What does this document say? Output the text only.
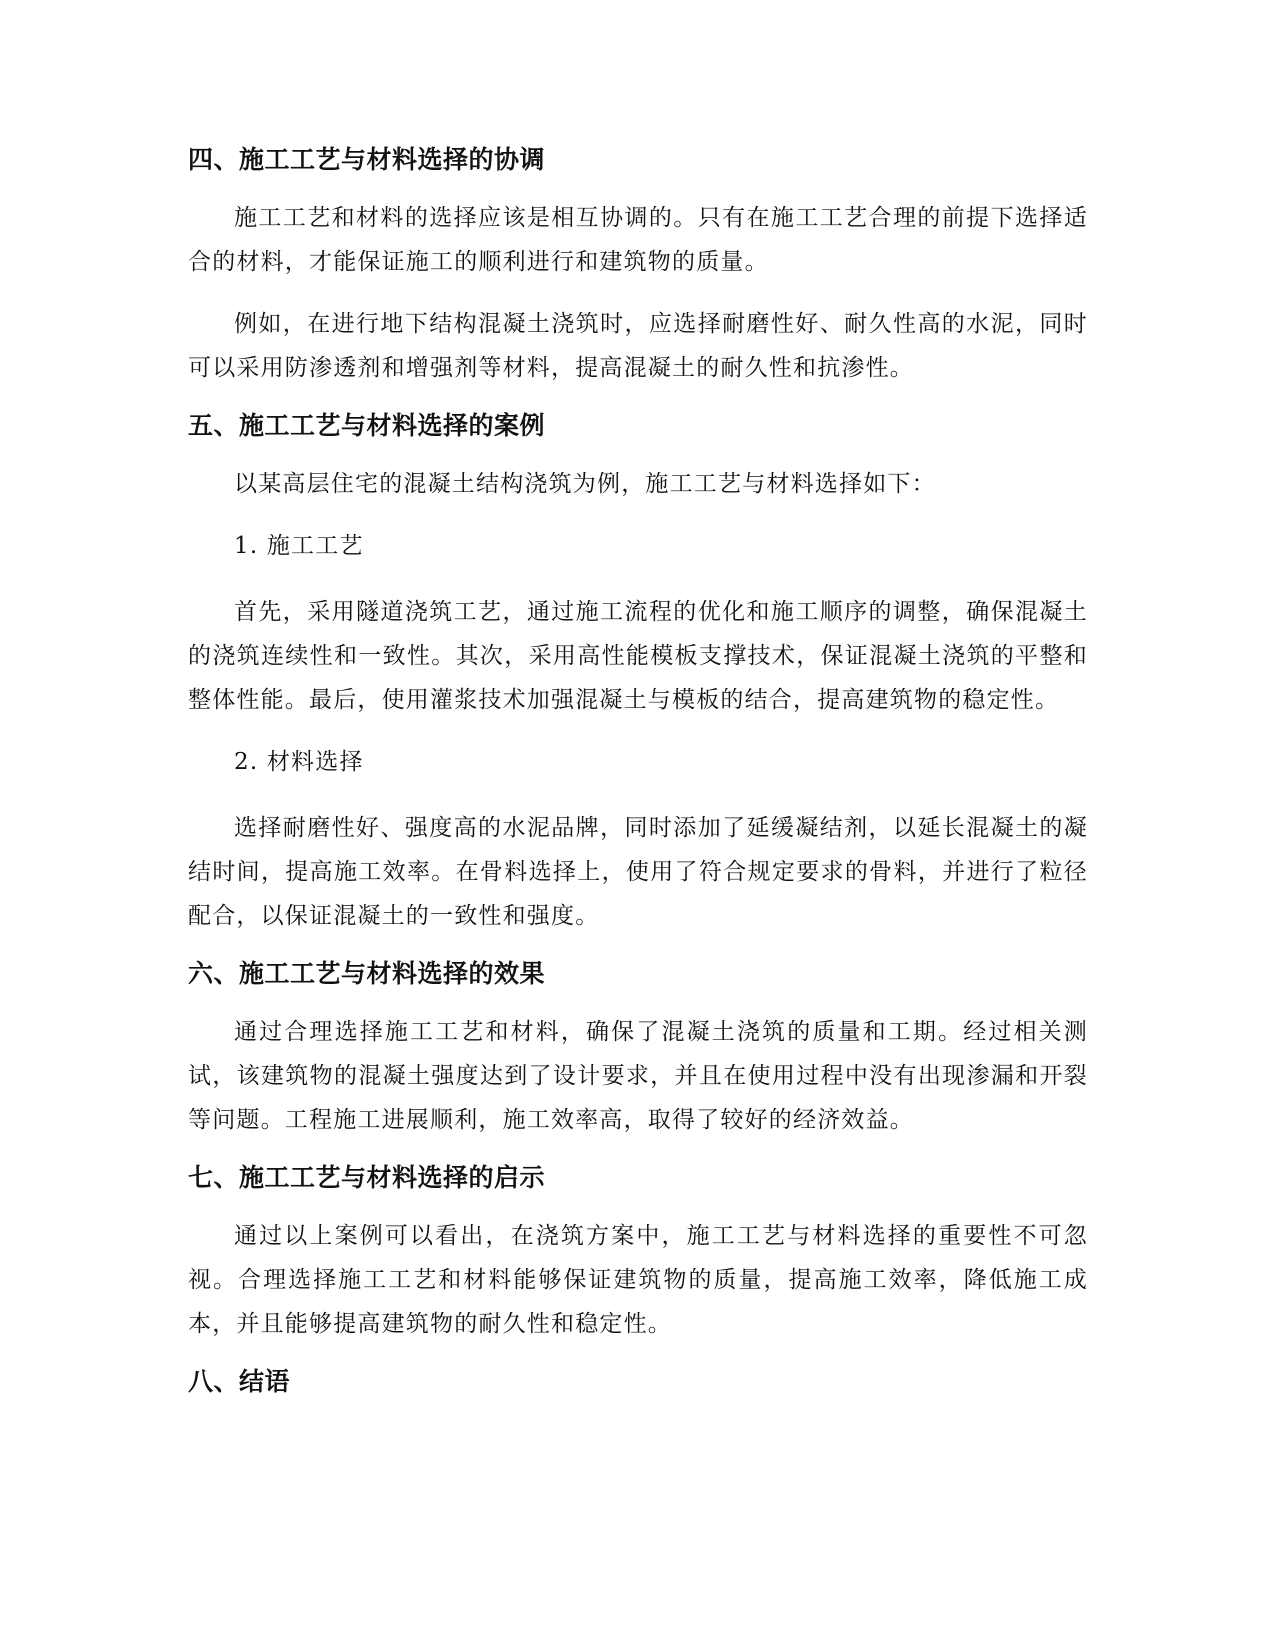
四、施工工艺与材料选择的协调

施工工艺和材料的选择应该是相互协调的。只有在施工工艺合理的前提下选择适合的材料，才能保证施工的顺利进行和建筑物的质量。

例如，在进行地下结构混凝土浇筑时，应选择耐磨性好、耐久性高的水泥，同时可以采用防渗透剂和增强剂等材料，提高混凝土的耐久性和抗渗性。

五、施工工艺与材料选择的案例

以某高层住宅的混凝土结构浇筑为例，施工工艺与材料选择如下：

1. 施工工艺

首先，采用隧道浇筑工艺，通过施工流程的优化和施工顺序的调整，确保混凝土的浇筑连续性和一致性。其次，采用高性能模板支撑技术，保证混凝土浇筑的平整和整体性能。最后，使用灌浆技术加强混凝土与模板的结合，提高建筑物的稳定性。

2. 材料选择

选择耐磨性好、强度高的水泥品牌，同时添加了延缓凝结剂，以延长混凝土的凝结时间，提高施工效率。在骨料选择上，使用了符合规定要求的骨料，并进行了粒径配合，以保证混凝土的一致性和强度。

六、施工工艺与材料选择的效果

通过合理选择施工工艺和材料，确保了混凝土浇筑的质量和工期。经过相关测试，该建筑物的混凝土强度达到了设计要求，并且在使用过程中没有出现渗漏和开裂等问题。工程施工进展顺利，施工效率高，取得了较好的经济效益。

七、施工工艺与材料选择的启示

通过以上案例可以看出，在浇筑方案中，施工工艺与材料选择的重要性不可忽视。合理选择施工工艺和材料能够保证建筑物的质量，提高施工效率，降低施工成本，并且能够提高建筑物的耐久性和稳定性。

八、结语
